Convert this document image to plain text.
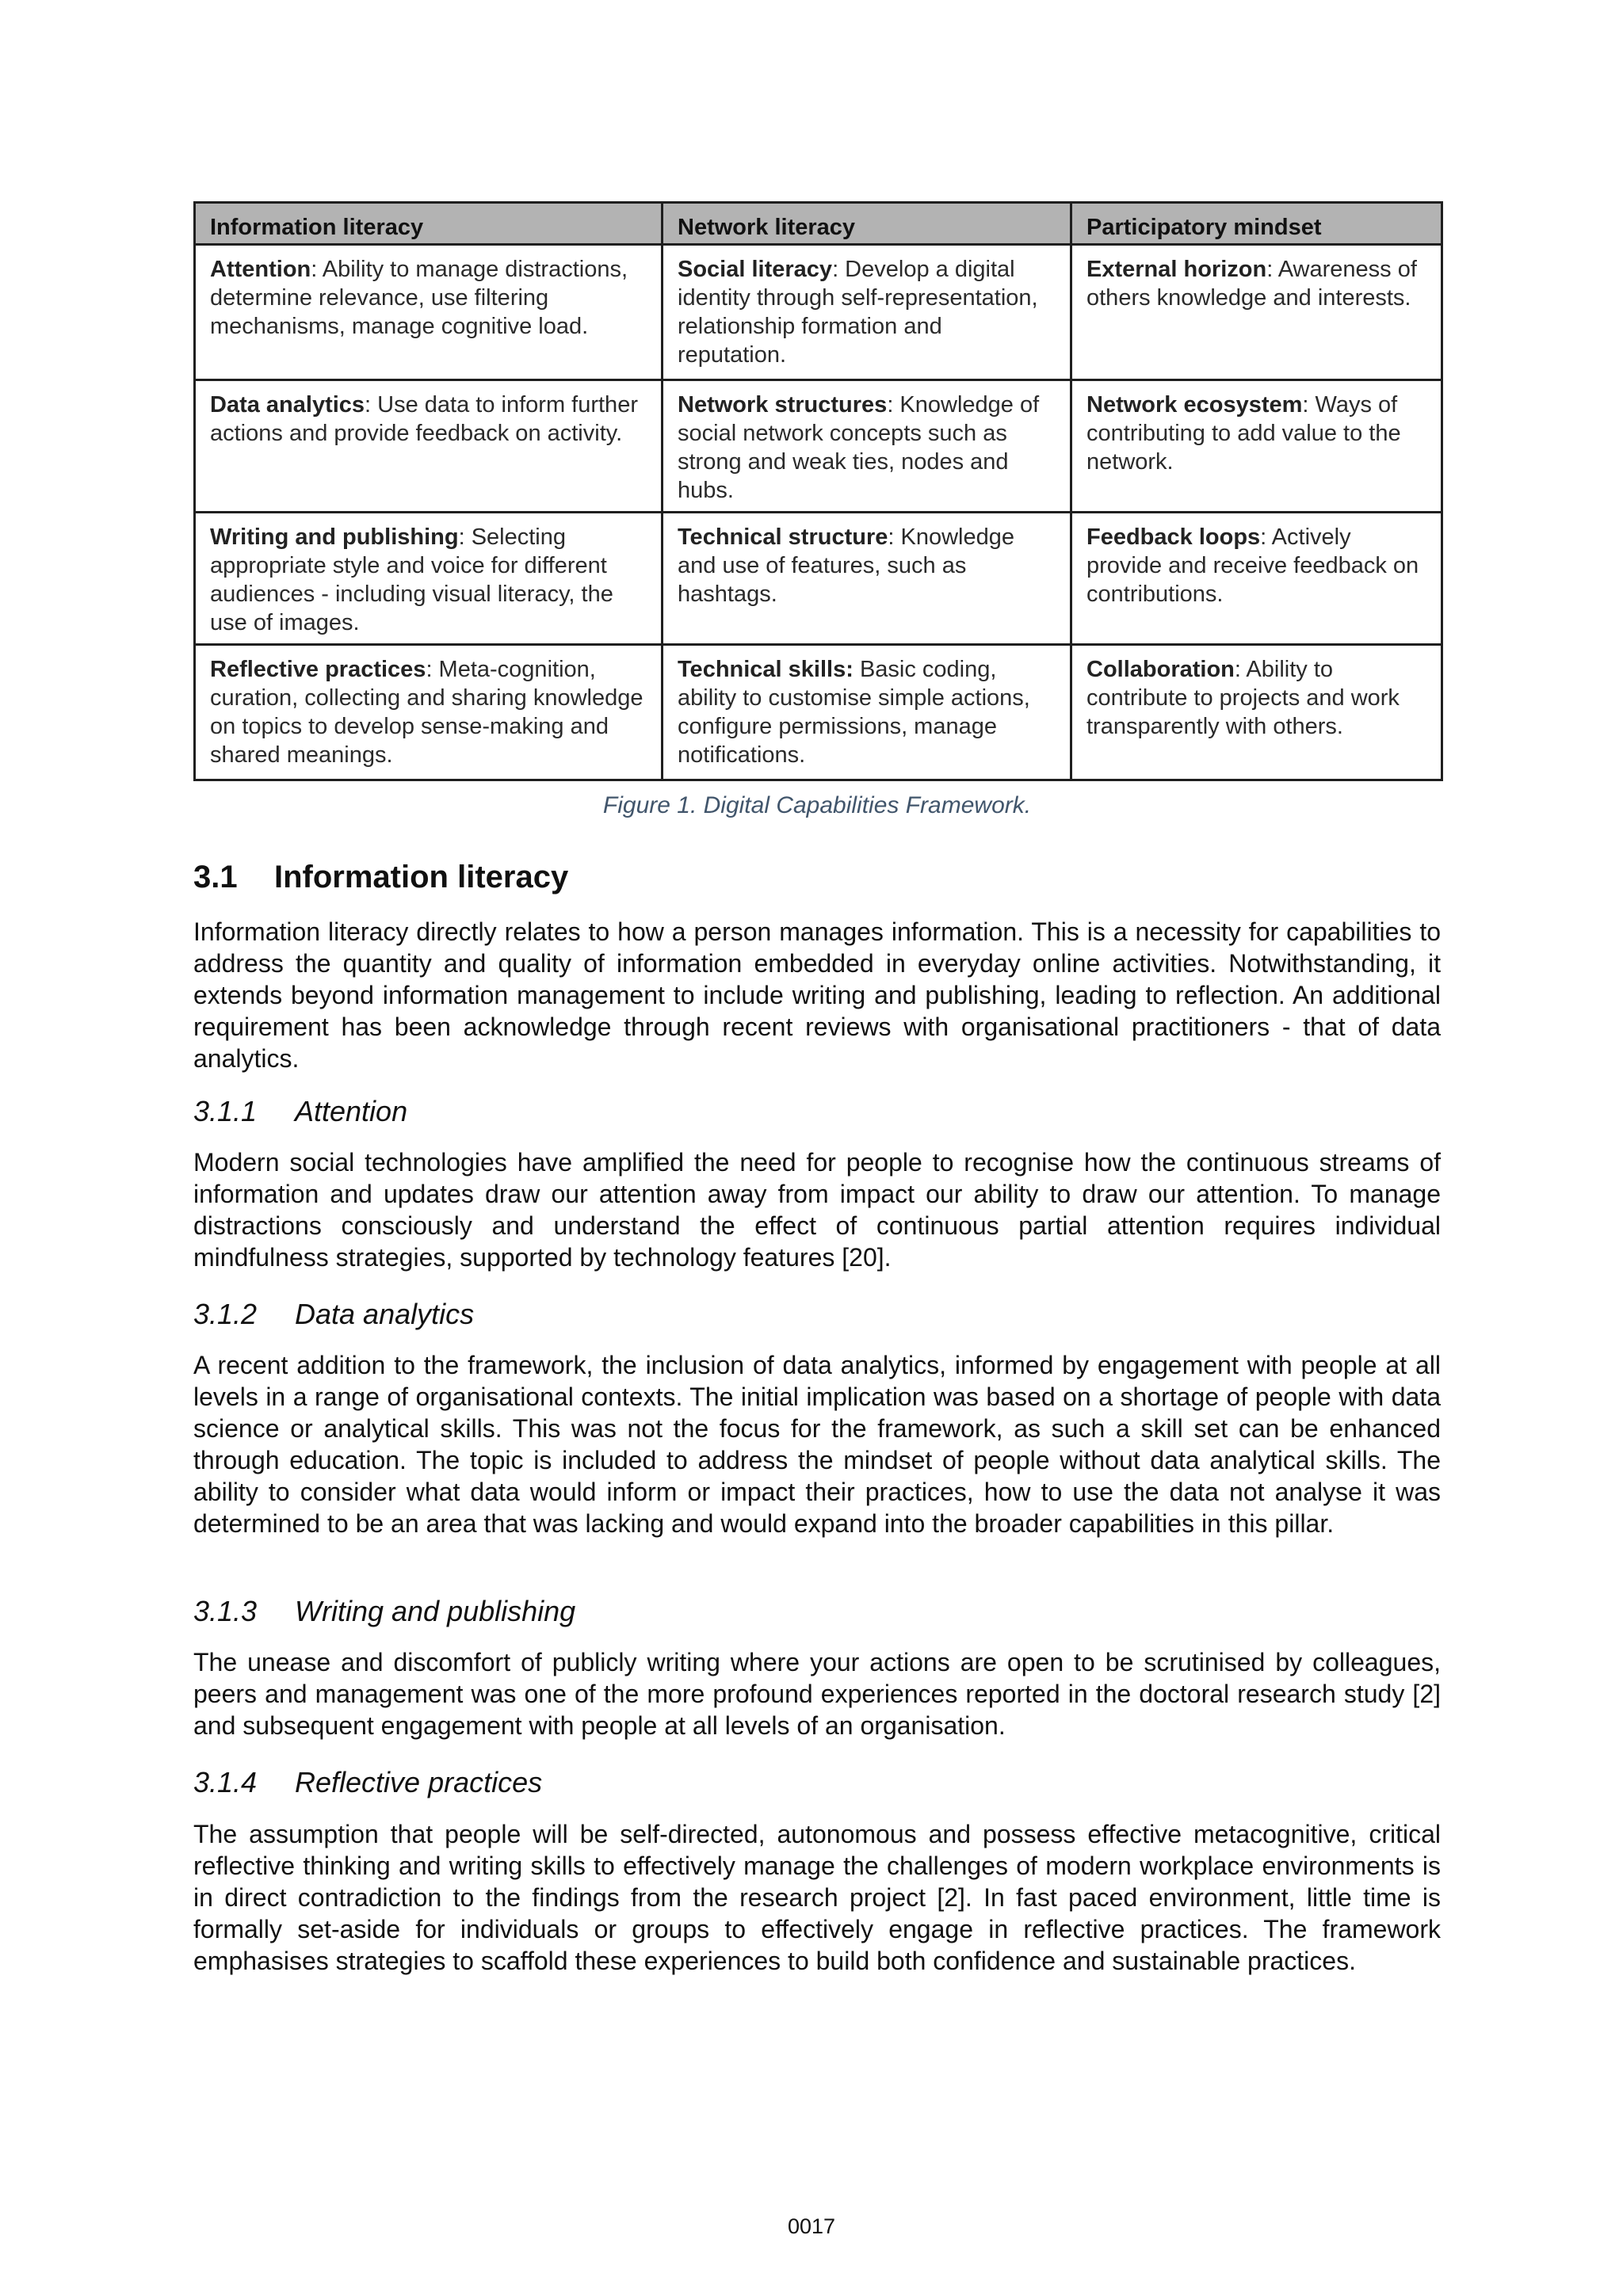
Information literacy	Network literacy	Participatory mindset
Attention: Ability to manage distractions, determine relevance, use filtering mechanisms, manage cognitive load.	Social literacy: Develop a digital identity through self-representation, relationship formation and reputation.	External horizon: Awareness of others knowledge and interests.
Data analytics: Use data to inform further actions and provide feedback on activity.	Network structures: Knowledge of social network concepts such as strong and weak ties, nodes and hubs.	Network ecosystem: Ways of contributing to add value to the network.
Writing and publishing: Selecting appropriate style and voice for different audiences - including visual literacy, the use of images.	Technical structure: Knowledge and use of features, such as hashtags.	Feedback loops: Actively provide and receive feedback on contributions.
Reflective practices: Meta-cognition, curation, collecting and sharing knowledge on topics to develop sense-making and shared meanings.	Technical skills: Basic coding, ability to customise simple actions, configure permissions, manage notifications.	Collaboration: Ability to contribute to projects and work transparently with others.
Figure 1. Digital Capabilities Framework.
3.1 Information literacy

Information literacy directly relates to how a person manages information. This is a necessity for capabilities to address the quantity and quality of information embedded in everyday online activities. Notwithstanding, it extends beyond information management to include writing and publishing, leading to reflection. An additional requirement has been acknowledge through recent reviews with organisational practitioners - that of data analytics.

3.1.1 Attention

Modern social technologies have amplified the need for people to recognise how the continuous streams of information and updates draw our attention away from impact our ability to draw our attention. To manage distractions consciously and understand the effect of continuous partial attention requires individual mindfulness strategies, supported by technology features [20].

3.1.2 Data analytics

A recent addition to the framework, the inclusion of data analytics, informed by engagement with people at all levels in a range of organisational contexts. The initial implication was based on a shortage of people with data science or analytical skills. This was not the focus for the framework, as such a skill set can be enhanced through education. The topic is included to address the mindset of people without data analytical skills. The ability to consider what data would inform or impact their practices, how to use the data not analyse it was determined to be an area that was lacking and would expand into the broader capabilities in this pillar.

3.1.3 Writing and publishing

The unease and discomfort of publicly writing where your actions are open to be scrutinised by colleagues, peers and management was one of the more profound experiences reported in the doctoral research study [2] and subsequent engagement with people at all levels of an organisation.

3.1.4 Reflective practices

The assumption that people will be self-directed, autonomous and possess effective metacognitive, critical reflective thinking and writing skills to effectively manage the challenges of modern workplace environments is in direct contradiction to the findings from the research project [2]. In fast paced environment, little time is formally set-aside for individuals or groups to effectively engage in reflective practices. The framework emphasises strategies to scaffold these experiences to build both confidence and sustainable practices.

0017
